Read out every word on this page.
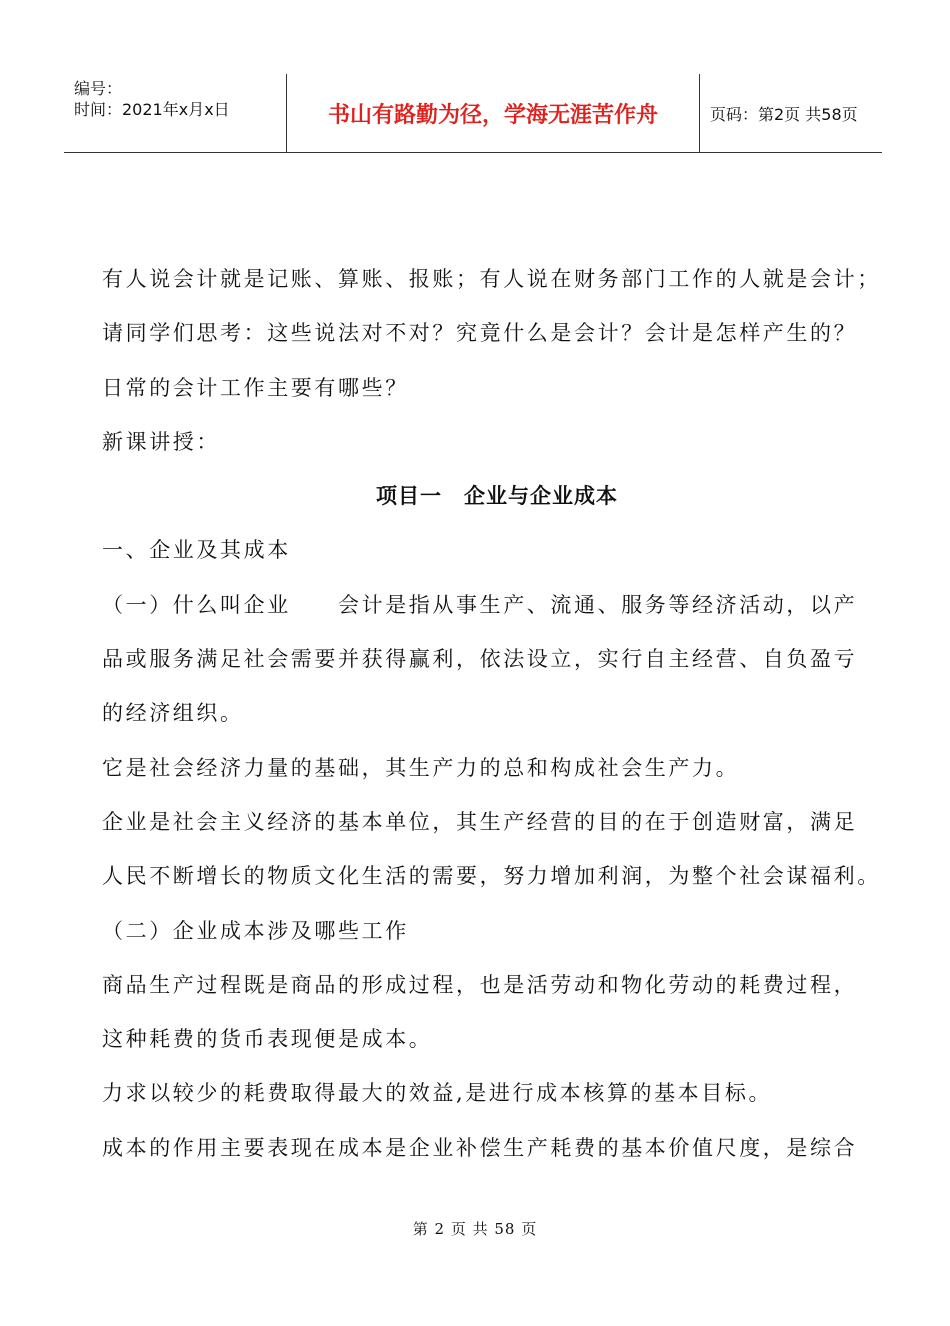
编号：
时间：2021年x月x日	书山有路勤为径，学海无涯苦作舟	页码：第2页 共58页
有人说会计就是记账、算账、报账；有人说在财务部门工作的人就是会计；
请同学们思考：这些说法对不对？究竟什么是会计？会计是怎样产生的？
日常的会计工作主要有哪些？
新课讲授：
项目一　企业与企业成本
一、企业及其成本
（一）什么叫企业　　会计是指从事生产、流通、服务等经济活动，以产
品或服务满足社会需要并获得赢利，依法设立，实行自主经营、自负盈亏
的经济组织。
它是社会经济力量的基础，其生产力的总和构成社会生产力。
企业是社会主义经济的基本单位，其生产经营的目的在于创造财富，满足
人民不断增长的物质文化生活的需要，努力增加利润，为整个社会谋福利。
（二）企业成本涉及哪些工作
商品生产过程既是商品的形成过程，也是活劳动和物化劳动的耗费过程，
这种耗费的货币表现便是成本。
力求以较少的耗费取得最大的效益,是进行成本核算的基本目标。
成本的作用主要表现在成本是企业补偿生产耗费的基本价值尺度，是综合
第 2 页 共 58 页
